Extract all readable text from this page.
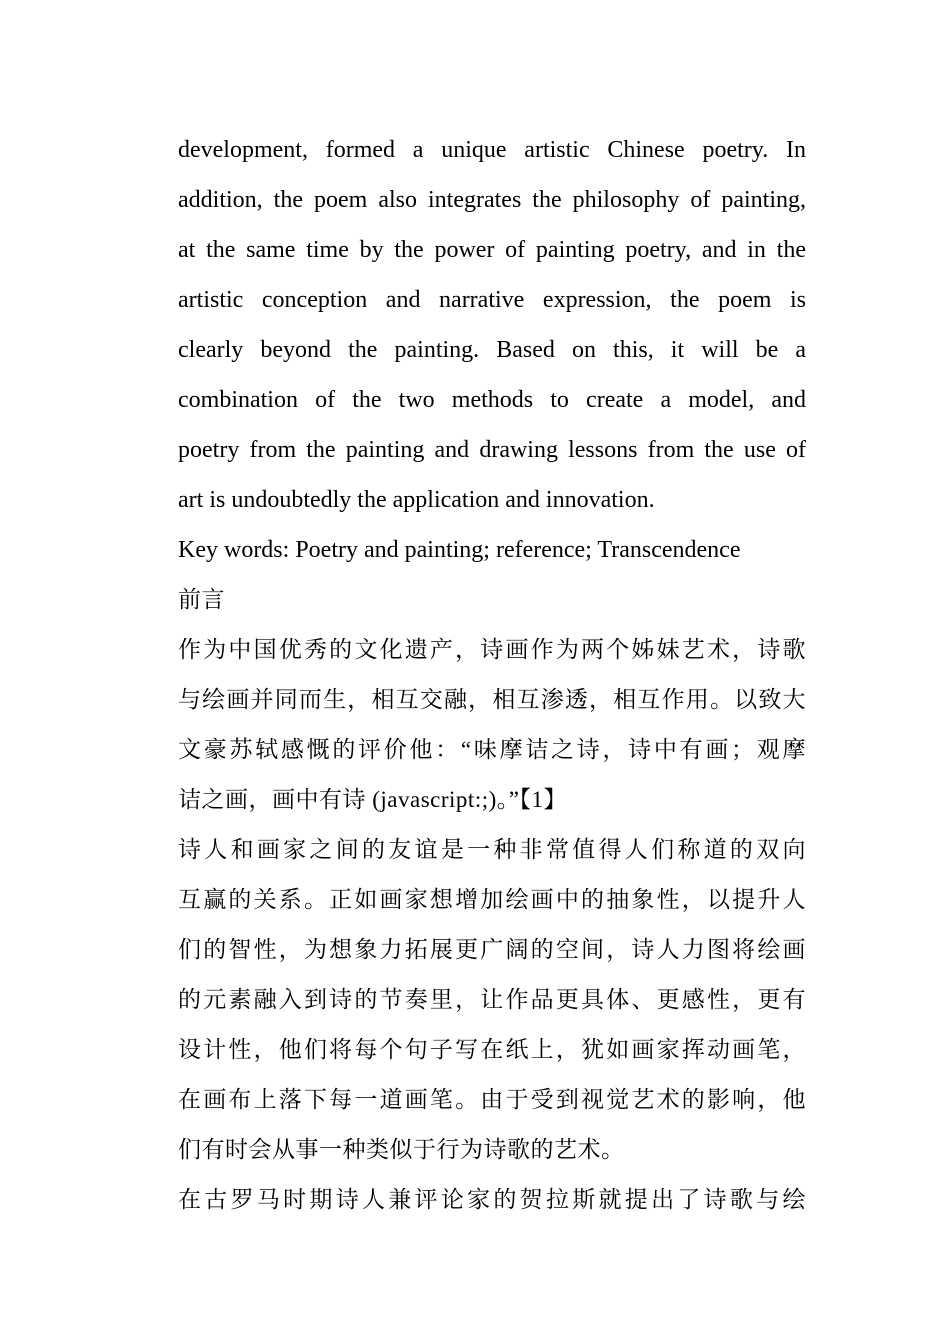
development, formed a unique artistic Chinese poetry. In
addition, the poem also integrates the philosophy of painting,
at the same time by the power of painting poetry, and in the
artistic conception and narrative expression, the poem is
clearly beyond the painting. Based on this, it will be a
combination of the two methods to create a model, and
poetry from the painting and drawing lessons from the use of
art is undoubtedly the application and innovation.
Key words: Poetry and painting; reference; Transcendence
前言
作为中国优秀的文化遗产，诗画作为两个姊妹艺术，诗歌
与绘画并同而生，相互交融，相互渗透，相互作用。以致大
文豪苏轼感慨的评价他：“味摩诘之诗，诗中有画；观摩
诘之画，画中有诗 (javascript:;)。”【1】
诗人和画家之间的友谊是一种非常值得人们称道的双向
互赢的关系。正如画家想增加绘画中的抽象性，以提升人
们的智性，为想象力拓展更广阔的空间，诗人力图将绘画
的元素融入到诗的节奏里，让作品更具体、更感性，更有
设计性，他们将每个句子写在纸上，犹如画家挥动画笔，
在画布上落下每一道画笔。由于受到视觉艺术的影响，他
们有时会从事一种类似于行为诗歌的艺术。
在古罗马时期诗人兼评论家的贺拉斯就提出了诗歌与绘
